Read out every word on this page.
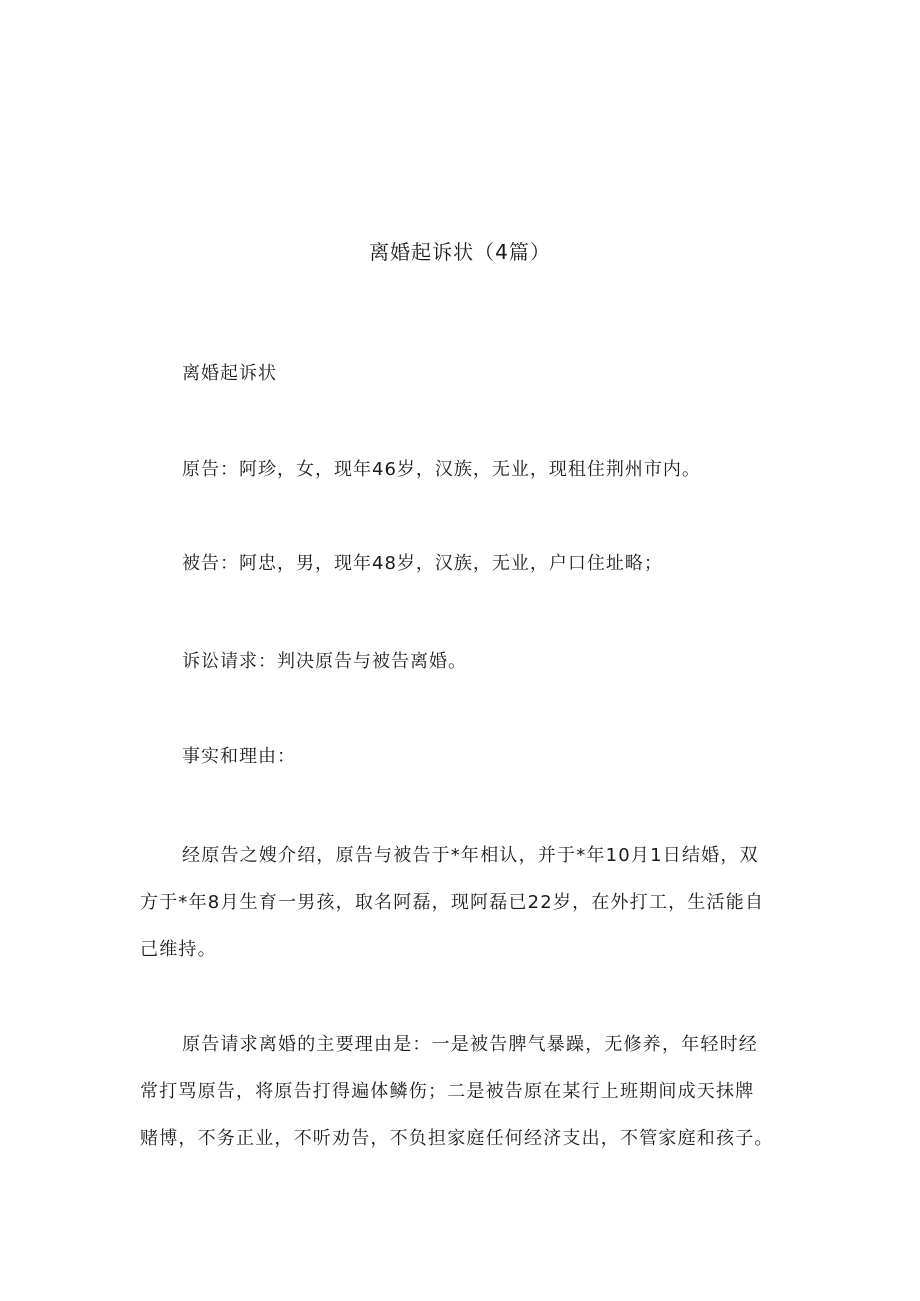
离婚起诉状（4篇）
离婚起诉状
原告：阿珍，女，现年46岁，汉族，无业，现租住荆州市内。
被告：阿忠，男，现年48岁，汉族，无业，户口住址略；
诉讼请求：判决原告与被告离婚。
事实和理由：
经原告之嫂介绍，原告与被告于*年相认，并于*年10月1日结婚，双
方于*年8月生育一男孩，取名阿磊，现阿磊已22岁，在外打工，生活能自
己维持。
原告请求离婚的主要理由是：一是被告脾气暴躁，无修养，年轻时经
常打骂原告，将原告打得遍体鳞伤；二是被告原在某行上班期间成天抹牌
赌博，不务正业，不听劝告，不负担家庭任何经济支出，不管家庭和孩子。
